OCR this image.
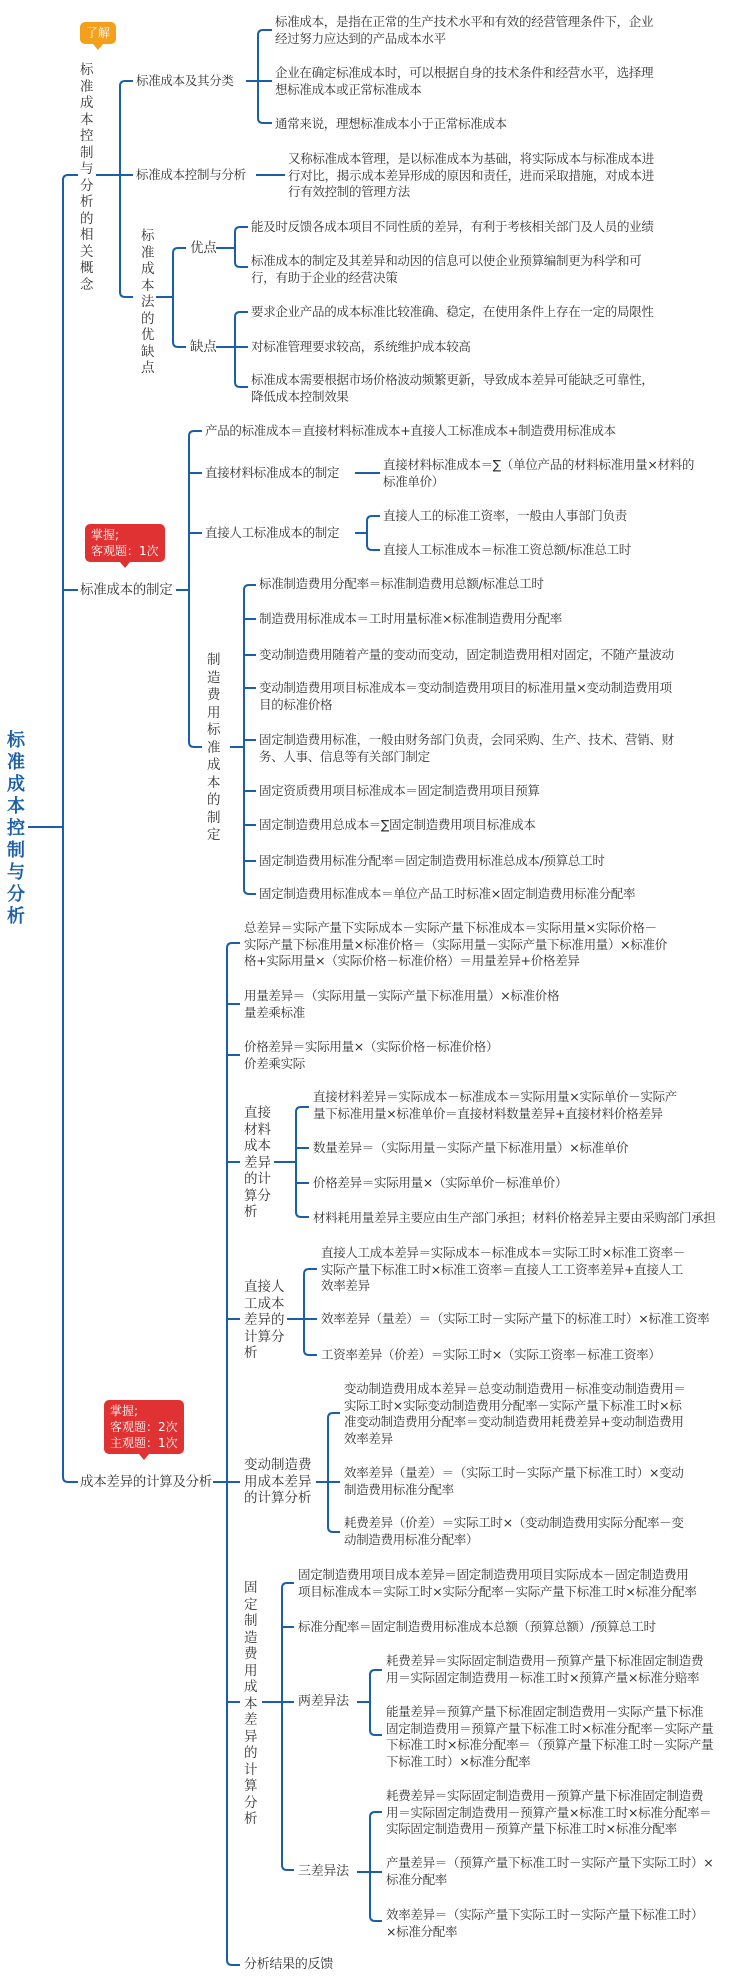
标准成本控制与分析
了解
标准成本控制与分析的相关概念
标准成本及其分类
标准成本，是指在正常的生产技术水平和有效的经营管理条件下，企业
经过努力应达到的产品成本水平
企业在确定标准成本时，可以根据自身的技术条件和经营水平，选择理
想标准成本或正常标准成本
通常来说，理想标准成本小于正常标准成本
标准成本控制与分析
又称标准成本管理，是以标准成本为基础，将实际成本与标准成本进
行对比，揭示成本差异形成的原因和责任，进而采取措施，对成本进
行有效控制的管理方法
标准成本法的优缺点
优点
能及时反馈各成本项目不同性质的差异，有利于考核相关部门及人员的业绩
标准成本的制定及其差异和动因的信息可以使企业预算编制更为科学和可
行，有助于企业的经营决策
缺点
要求企业产品的成本标准比较准确、稳定，在使用条件上存在一定的局限性
对标准管理要求较高，系统维护成本较高
标准成本需要根据市场价格波动频繁更新，导致成本差异可能缺乏可靠性，
降低成本控制效果
掌握;
客观题：1次
标准成本的制定
产品的标准成本＝直接材料标准成本+直接人工标准成本+制造费用标准成本
直接材料标准成本的制定
直接材料标准成本＝∑（单位产品的材料标准用量×材料的
标准单价）
直接人工标准成本的制定
直接人工的标准工资率，一般由人事部门负责
直接人工标准成本＝标准工资总额/标准总工时
制造费用标准成本的制定
标准制造费用分配率＝标准制造费用总额/标准总工时
制造费用标准成本＝工时用量标准×标准制造费用分配率
变动制造费用随着产量的变动而变动，固定制造费用相对固定，不随产量波动
变动制造费用项目标准成本＝变动制造费用项目的标准用量×变动制造费用项
目的标准价格
固定制造费用标准，一般由财务部门负责，会同采购、生产、技术、营销、财
务、人事、信息等有关部门制定
固定资质费用项目标准成本＝固定制造费用项目预算
固定制造费用总成本＝∑固定制造费用项目标准成本
固定制造费用标准分配率＝固定制造费用标准总成本/预算总工时
固定制造费用标准成本＝单位产品工时标准×固定制造费用标准分配率
掌握;
客观题：2次
主观题：1次
成本差异的计算及分析
总差异＝实际产量下实际成本－实际产量下标准成本＝实际用量×实际价格－
实际产量下标准用量×标准价格＝（实际用量－实际产量下标准用量）×标准价
格+实际用量×（实际价格－标准价格）＝用量差异+价格差异
用量差异＝（实际用量－实际产量下标准用量）×标准价格
量差乘标准
价格差异＝实际用量×（实际价格－标准价格）
价差乘实际
直接材料成本差异的计算分析
直接材料差异＝实际成本－标准成本＝实际用量×实际单价－实际产
量下标准用量×标准单价＝直接材料数量差异+直接材料价格差异
数量差异＝（实际用量－实际产量下标准用量）×标准单价
价格差异＝实际用量×（实际单价－标准单价）
材料耗用量差异主要应由生产部门承担；材料价格差异主要由采购部门承担
直接人工成本差异的计算分析
直接人工成本差异＝实际成本－标准成本＝实际工时×标准工资率－
实际产量下标准工时×标准工资率＝直接人工工资率差异+直接人工
效率差异
效率差异（量差）＝（实际工时－实际产量下的标准工时）×标准工资率
工资率差异（价差）＝实际工时×（实际工资率－标准工资率）
变动制造费用成本差异的计算分析
变动制造费用成本差异＝总变动制造费用－标准变动制造费用＝
实际工时×实际变动制造费用分配率－实际产量下标准工时×标
准变动制造费用分配率＝变动制造费用耗费差异+变动制造费用
效率差异
效率差异（量差）＝（实际工时－实际产量下标准工时）×变动
制造费用标准分配率
耗费差异（价差）＝实际工时×（变动制造费用实际分配率－变
动制造费用标准分配率）
固定制造费用成本差异的计算分析
固定制造费用项目成本差异＝固定制造费用项目实际成本－固定制造费用
项目标准成本＝实际工时×实际分配率－实际产量下标准工时×标准分配率
标准分配率＝固定制造费用标准成本总额（预算总额）/预算总工时
两差异法
耗费差异＝实际固定制造费用－预算产量下标准固定制造费
用＝实际固定制造费用－标准工时×预算产量×标准分赔率
能量差异＝预算产量下标准固定制造费用－实际产量下标准
固定制造费用＝预算产量下标准工时×标准分配率－实际产量
下标准工时×标准分配率＝（预算产量下标准工时－实际产量
下标准工时）×标准分配率
三差异法
耗费差异＝实际固定制造费用－预算产量下标准固定制造费
用＝实际固定制造费用－预算产量×标准工时×标准分配率＝
实际固定制造费用－预算产量下标准工时×标准分配率
产量差异＝（预算产量下标准工时－实际产量下实际工时）×
标准分配率
效率差异＝（实际产量下实际工时－实际产量下标准工时）
×标准分配率
分析结果的反馈
